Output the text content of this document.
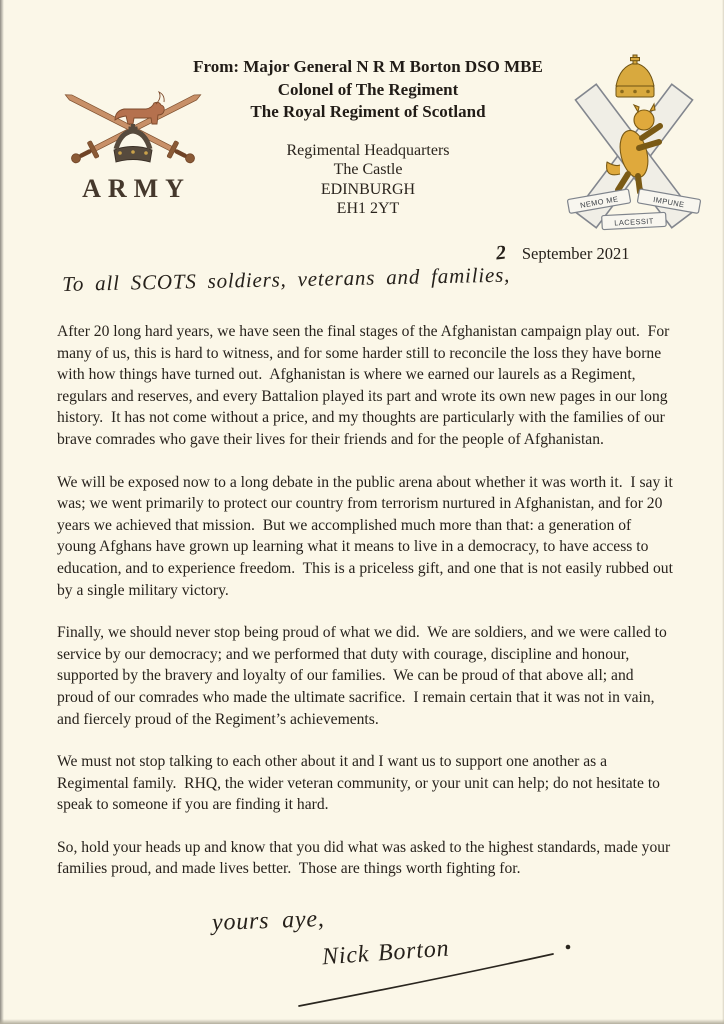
ARMY
From: Major General N R M Borton DSO MBE
Colonel of The Regiment
The Royal Regiment of Scotland
Regimental Headquarters
The Castle
EDINBURGH
EH1 2YT	NEMO ME	IMPUNE
LACESSIT
2 September 2021
To all SCOTS soldiers, veterans and families,

After 20 long hard years, we have seen the final stages of the Afghanistan campaign play out.  For many of us, this is hard to witness, and for some harder still to reconcile the loss they have borne with how things have turned out.  Afghanistan is where we earned our laurels as a Regiment, regulars and reserves, and every Battalion played its part and wrote its own new pages in our long history.  It has not come without a price, and my thoughts are particularly with the families of our brave comrades who gave their lives for their friends and for the people of Afghanistan.

We will be exposed now to a long debate in the public arena about whether it was worth it.  I say it was; we went primarily to protect our country from terrorism nurtured in Afghanistan, and for 20 years we achieved that mission.  But we accomplished much more than that: a generation of young Afghans have grown up learning what it means to live in a democracy, to have access to education, and to experience freedom.  This is a priceless gift, and one that is not easily rubbed out by a single military victory.

Finally, we should never stop being proud of what we did.  We are soldiers, and we were called to service by our democracy; and we performed that duty with courage, discipline and honour, supported by the bravery and loyalty of our families.  We can be proud of that above all; and proud of our comrades who made the ultimate sacrifice.  I remain certain that it was not in vain, and fiercely proud of the Regiment’s achievements.

We must not stop talking to each other about it and I want us to support one another as a Regimental family.  RHQ, the wider veteran community, or your unit can help; do not hesitate to speak to someone if you are finding it hard.

So, hold your heads up and know that you did what was asked to the highest standards, made your families proud, and made lives better.  Those are things worth fighting for.

yours aye,
Nick Borton
